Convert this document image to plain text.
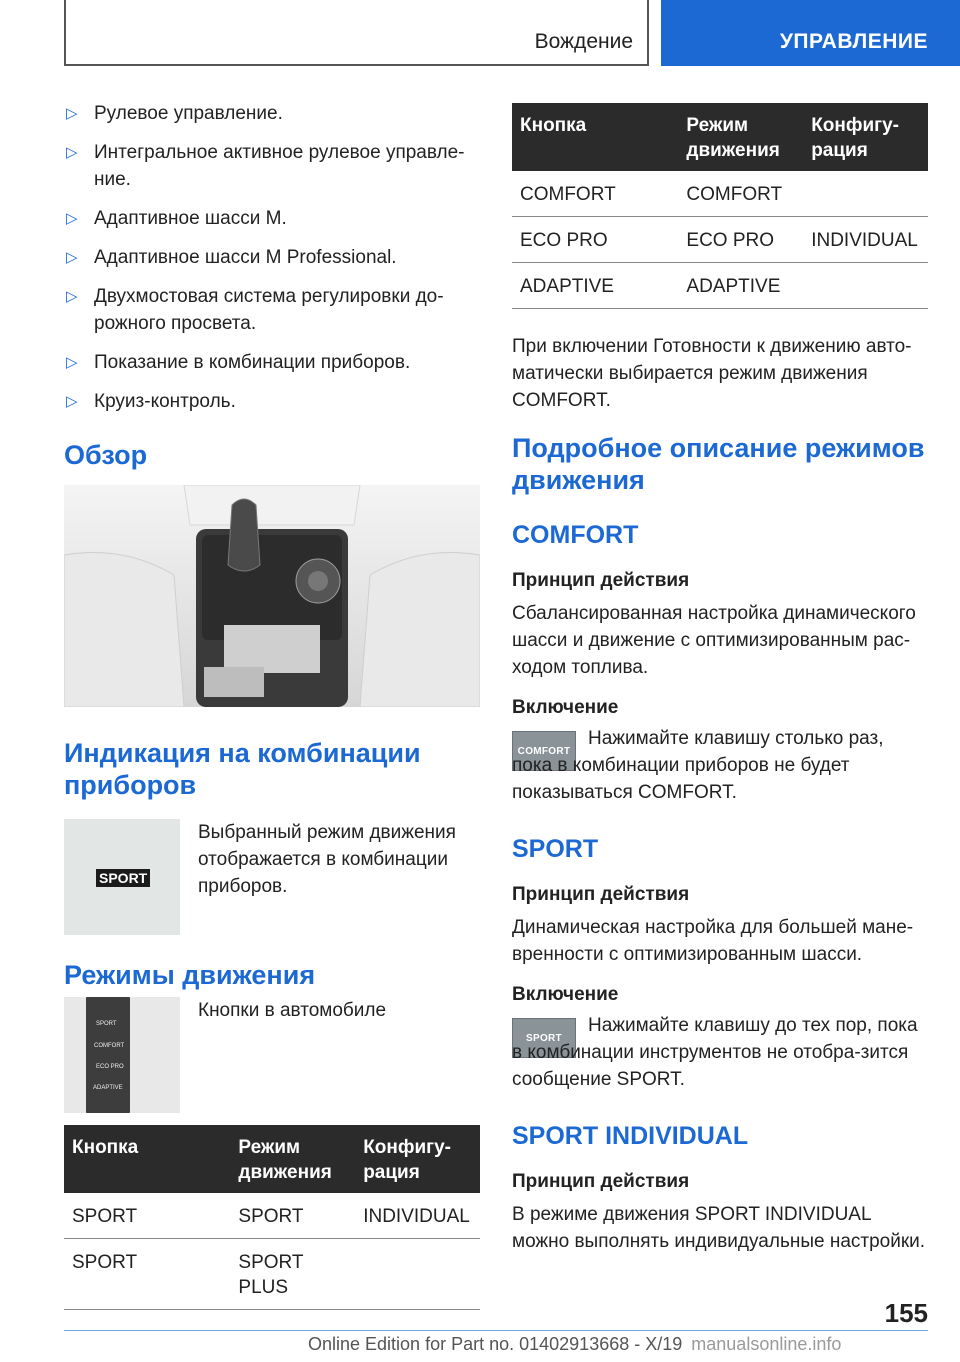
Вождение	УПРАВЛЕНИЕ
▷ Рулевое управление.
▷ Интегральное активное рулевое управле-ние.
▷ Адаптивное шасси M.
▷ Адаптивное шасси M Professional.
▷ Двухмостовая система регулировки до-рожного просвета.
▷ Показание в комбинации приборов.
▷ Круиз-контроль.
Обзор
Индикация на комбинации приборов
SPORT

Выбранный режим движения отображается в комбинации приборов.

Режимы движения
SPORT
COMFORT
ECO PRO
ADAPTIVE

Кнопки в автомобиле

Кнопка	Режим движения	Конфигу-рация
SPORT	SPORT	INDIVIDUAL
SPORT	SPORT PLUS	
Кнопка	Режим движения	Конфигу-рация
COMFORT	COMFORT	
ECO PRO	ECO PRO	INDIVIDUAL
ADAPTIVE	ADAPTIVE	

При включении Готовности к движению авто-матически выбирается режим движения COMFORT.

Подробное описание режимов движения
COMFORT
Принцип действия

Сбалансированная настройка динамического шасси и движение с оптимизированным рас-ходом топлива.

Включение
COMFORT

Нажимайте клавишу столько раз, пока в комбинации приборов не будет показываться COMFORT.

SPORT
Принцип действия

Динамическая настройка для большей мане-вренности с оптимизированным шасси.

Включение
SPORT

Нажимайте клавишу до тех пор, пока в комбинации инструментов не отобра-зится сообщение SPORT.

SPORT INDIVIDUAL
Принцип действия

В режиме движения SPORT INDIVIDUAL можно выполнять индивидуальные настройки.

155
Online Edition for Part no. 01402913668 - X/19 manualsonline.info
